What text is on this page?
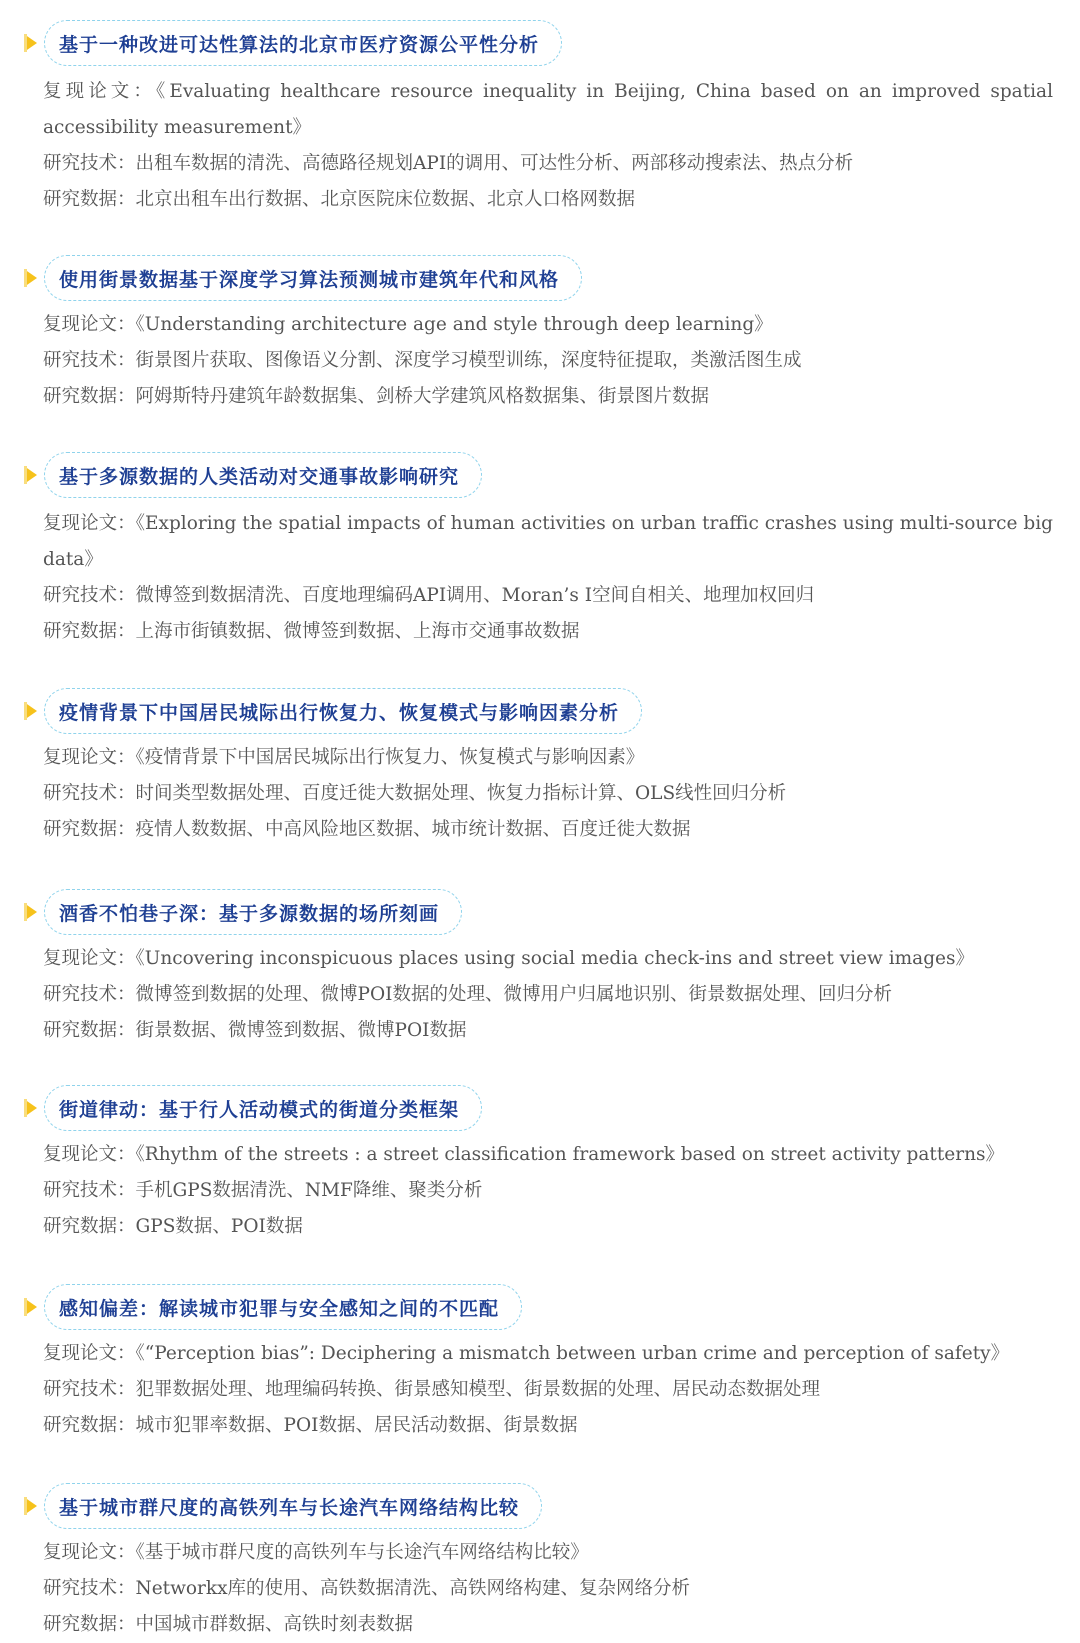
基于一种改进可达性算法的北京市医疗资源公平性分析
复现论文：《Evaluating healthcare resource inequality in Beijing, China based on an improved spatial accessibility measurement》
研究技术：出租车数据的清洗、高德路径规划API的调用、可达性分析、两部移动搜索法、热点分析
研究数据：北京出租车出行数据、北京医院床位数据、北京人口格网数据
使用街景数据基于深度学习算法预测城市建筑年代和风格
复现论文：《Understanding architecture age and style through deep learning》
研究技术：街景图片获取、图像语义分割、深度学习模型训练，深度特征提取，类激活图生成
研究数据：阿姆斯特丹建筑年龄数据集、剑桥大学建筑风格数据集、街景图片数据
基于多源数据的人类活动对交通事故影响研究
复现论文：《Exploring the spatial impacts of human activities on urban traffic crashes using multi-source big data》
研究技术：微博签到数据清洗、百度地理编码API调用、Moran’s I空间自相关、地理加权回归
研究数据：上海市街镇数据、微博签到数据、上海市交通事故数据
疫情背景下中国居民城际出行恢复力、恢复模式与影响因素分析
复现论文：《疫情背景下中国居民城际出行恢复力、恢复模式与影响因素》
研究技术：时间类型数据处理、百度迁徙大数据处理、恢复力指标计算、OLS线性回归分析
研究数据：疫情人数数据、中高风险地区数据、城市统计数据、百度迁徙大数据
酒香不怕巷子深：基于多源数据的场所刻画
复现论文：《Uncovering inconspicuous places using social media check-ins and street view images》
研究技术：微博签到数据的处理、微博POI数据的处理、微博用户归属地识别、街景数据处理、回归分析
研究数据：街景数据、微博签到数据、微博POI数据
街道律动：基于行人活动模式的街道分类框架
复现论文：《Rhythm of the streets : a street classification framework based on street activity patterns》
研究技术：手机GPS数据清洗、NMF降维、聚类分析
研究数据：GPS数据、POI数据
感知偏差：解读城市犯罪与安全感知之间的不匹配
复现论文：《“Perception bias”: Deciphering a mismatch between urban crime and perception of safety》
研究技术：犯罪数据处理、地理编码转换、街景感知模型、街景数据的处理、居民动态数据处理
研究数据：城市犯罪率数据、POI数据、居民活动数据、街景数据
基于城市群尺度的高铁列车与长途汽车网络结构比较
复现论文：《基于城市群尺度的高铁列车与长途汽车网络结构比较》
研究技术：Networkx库的使用、高铁数据清洗、高铁网络构建、复杂网络分析
研究数据：中国城市群数据、高铁时刻表数据
